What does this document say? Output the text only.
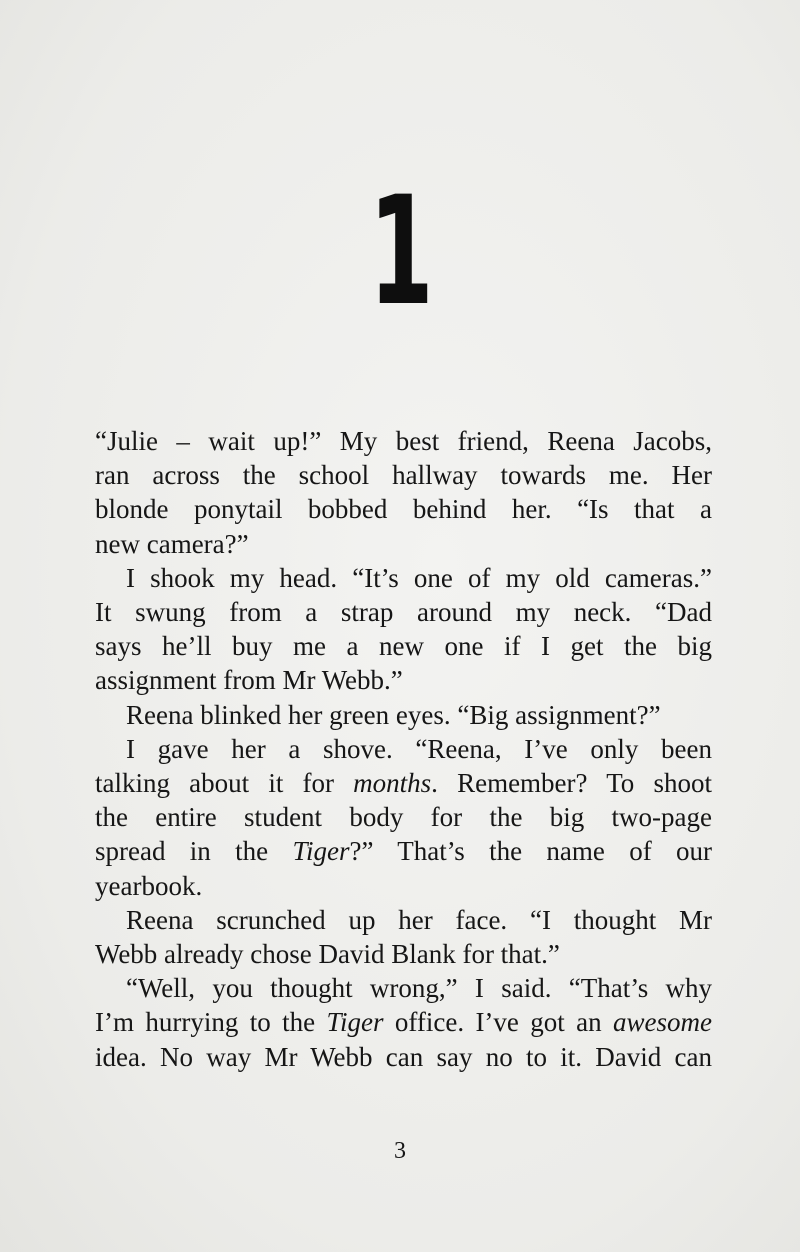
1
“Julie – wait up!” My best friend, Reena Jacobs,
ran across the school hallway towards me. Her
blonde ponytail bobbed behind her. “Is that a
new camera?”
I shook my head. “It’s one of my old cameras.”
It swung from a strap around my neck. “Dad
says he’ll buy me a new one if I get the big
assignment from Mr Webb.”
Reena blinked her green eyes. “Big assignment?”
I gave her a shove. “Reena, I’ve only been
talking about it for months. Remember? To shoot
the entire student body for the big two-page
spread in the Tiger?” That’s the name of our
yearbook.
Reena scrunched up her face. “I thought Mr
Webb already chose David Blank for that.”
“Well, you thought wrong,” I said. “That’s why
I’m hurrying to the Tiger office. I’ve got an awesome
idea. No way Mr Webb can say no to it. David can
3
